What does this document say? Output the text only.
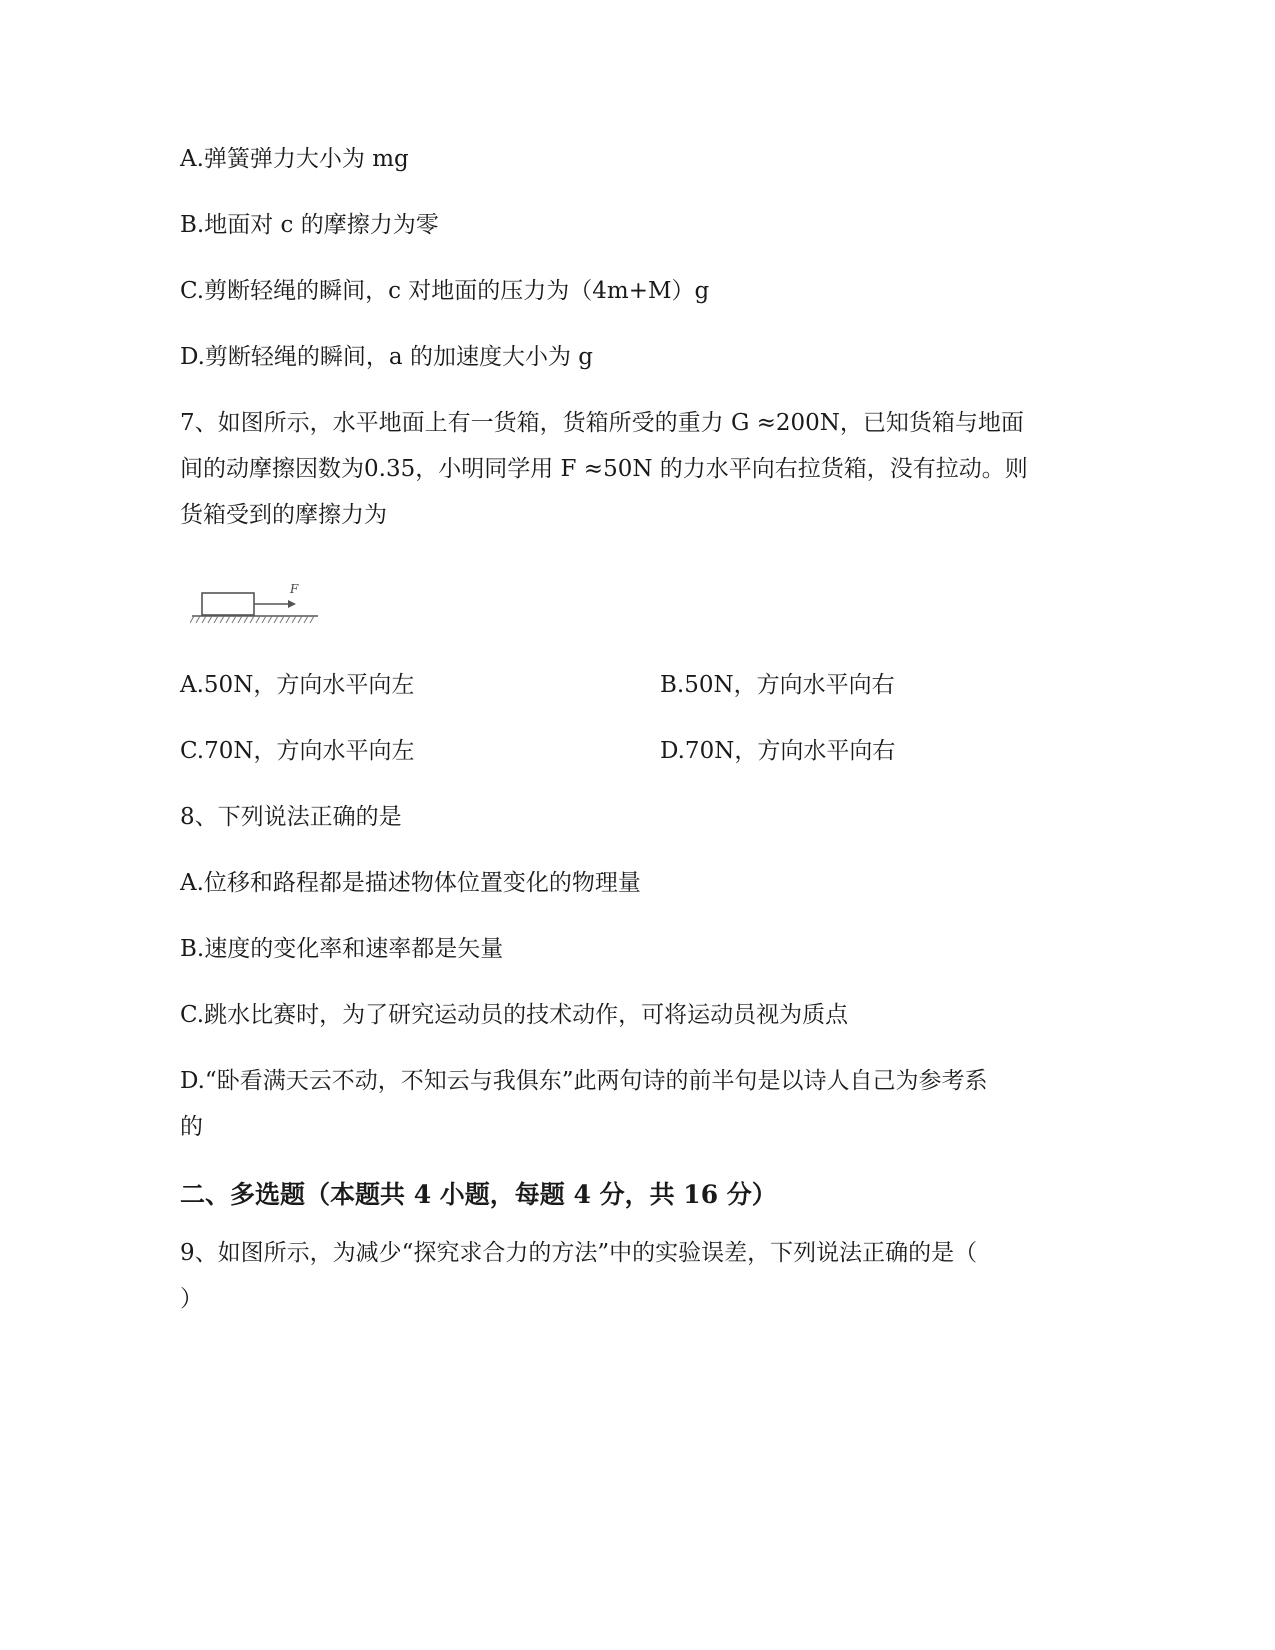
A.弹簧弹力大小为 mg
B.地面对 c 的摩擦力为零
C.剪断轻绳的瞬间，c 对地面的压力为（4m+M）g
D.剪断轻绳的瞬间，a 的加速度大小为 g
7、如图所示，水平地面上有一货箱，货箱所受的重力 G ≈200N，已知货箱与地面
间的动摩擦因数为0.35，小明同学用 F ≈50N 的力水平向右拉货箱，没有拉动。则
货箱受到的摩擦力为
F
A.50N，方向水平向左	B.50N，方向水平向右
C.70N，方向水平向左	D.70N，方向水平向右
8、下列说法正确的是
A.位移和路程都是描述物体位置变化的物理量
B.速度的变化率和速率都是矢量
C.跳水比赛时，为了研究运动员的技术动作，可将运动员视为质点
D.“卧看满天云不动，不知云与我俱东”此两句诗的前半句是以诗人自己为参考系
的
二、多选题（本题共 4 小题，每题 4 分，共 16 分）
9、如图所示，为减少“探究求合力的方法”中的实验误差，下列说法正确的是（
）
